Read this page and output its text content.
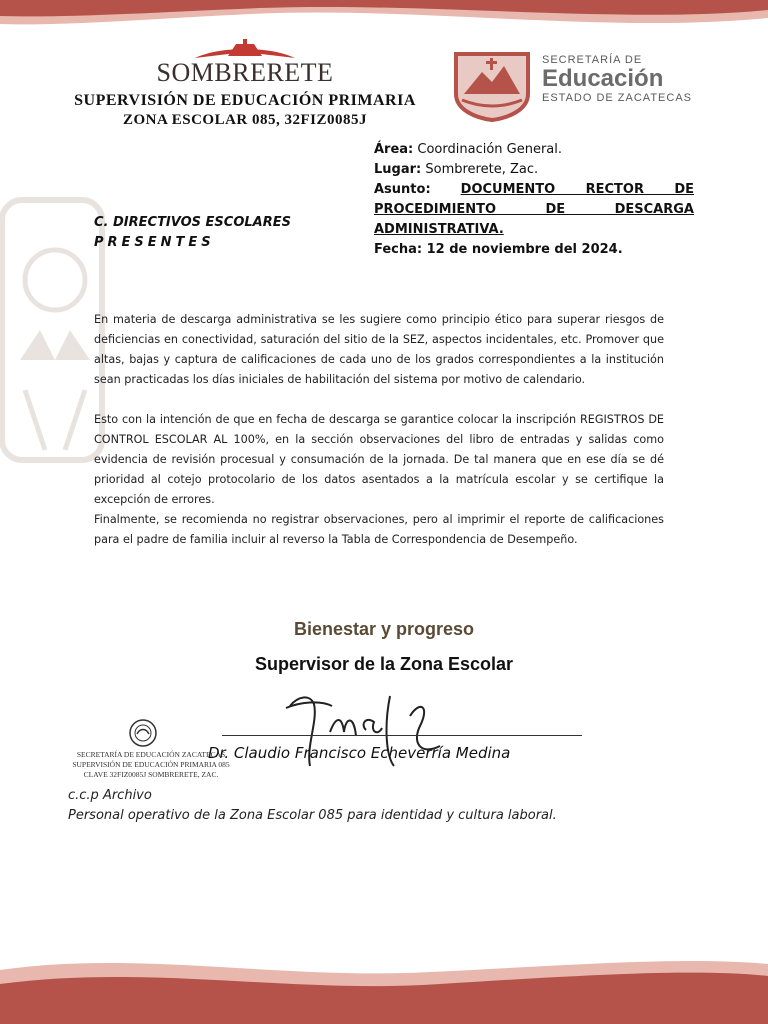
SOMBRERETE
SUPERVISIÓN DE EDUCACIÓN PRIMARIA
ZONA ESCOLAR 085, 32FIZ0085J
SECRETARÍA DE
Educación
ESTADO DE ZACATECAS
Área: Coordinación General.
Lugar: Sombrerete, Zac.
Asunto: DOCUMENTO RECTOR DE
PROCEDIMIENTO DE DESCARGA
ADMINISTRATIVA.
Fecha: 12 de noviembre del 2024.
C. DIRECTIVOS ESCOLARES
PRESENTES
En materia de descarga administrativa se les sugiere como principio ético para superar riesgos de deficiencias en conectividad, saturación del sitio de la SEZ, aspectos incidentales, etc. Promover que altas, bajas y captura de calificaciones de cada uno de los grados correspondientes a la institución sean practicadas los días iniciales de habilitación del sistema por motivo de calendario.
Esto con la intención de que en fecha de descarga se garantice colocar la inscripción REGISTROS DE CONTROL ESCOLAR AL 100%, en la sección observaciones del libro de entradas y salidas como evidencia de revisión procesual y consumación de la jornada. De tal manera que en ese día se dé prioridad al cotejo protocolario de los datos asentados a la matrícula escolar y se certifique la excepción de errores.
Finalmente, se recomienda no registrar observaciones, pero al imprimir el reporte de calificaciones para el padre de familia incluir al reverso la Tabla de Correspondencia de Desempeño.
Bienestar y progreso
Supervisor de la Zona Escolar
SECRETARÍA DE EDUCACIÓN ZACATECAS
SUPERVISIÓN DE EDUCACIÓN PRIMARIA 085
CLAVE 32FIZ0085J SOMBRERETE, ZAC.
Dr. Claudio Francisco Echeverría Medina
c.c.p Archivo
Personal operativo de la Zona Escolar 085 para identidad y cultura laboral.
